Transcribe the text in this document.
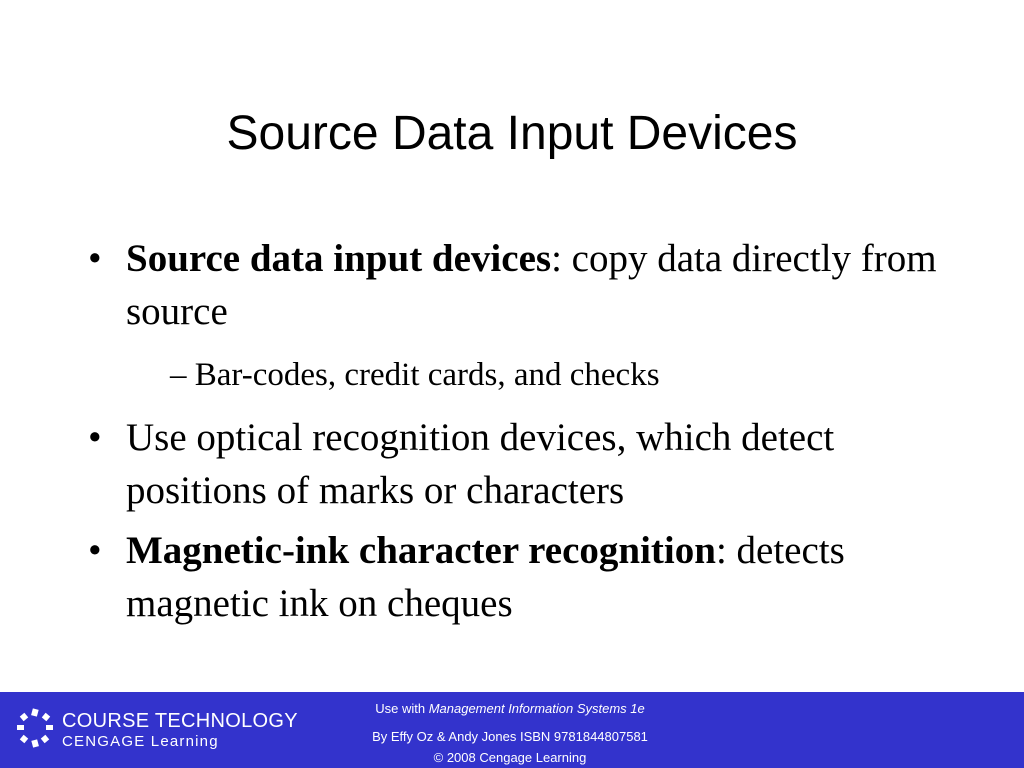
Source Data Input Devices
• Source data input devices: copy data directly from source
– Bar-codes, credit cards, and checks
• Use optical recognition devices, which detect positions of marks or characters
• Magnetic-ink character recognition: detects magnetic ink on cheques
COURSE TECHNOLOGY
CENGAGE Learning
Use with Management Information Systems 1e
By Effy Oz & Andy Jones ISBN 9781844807581
© 2008 Cengage Learning
